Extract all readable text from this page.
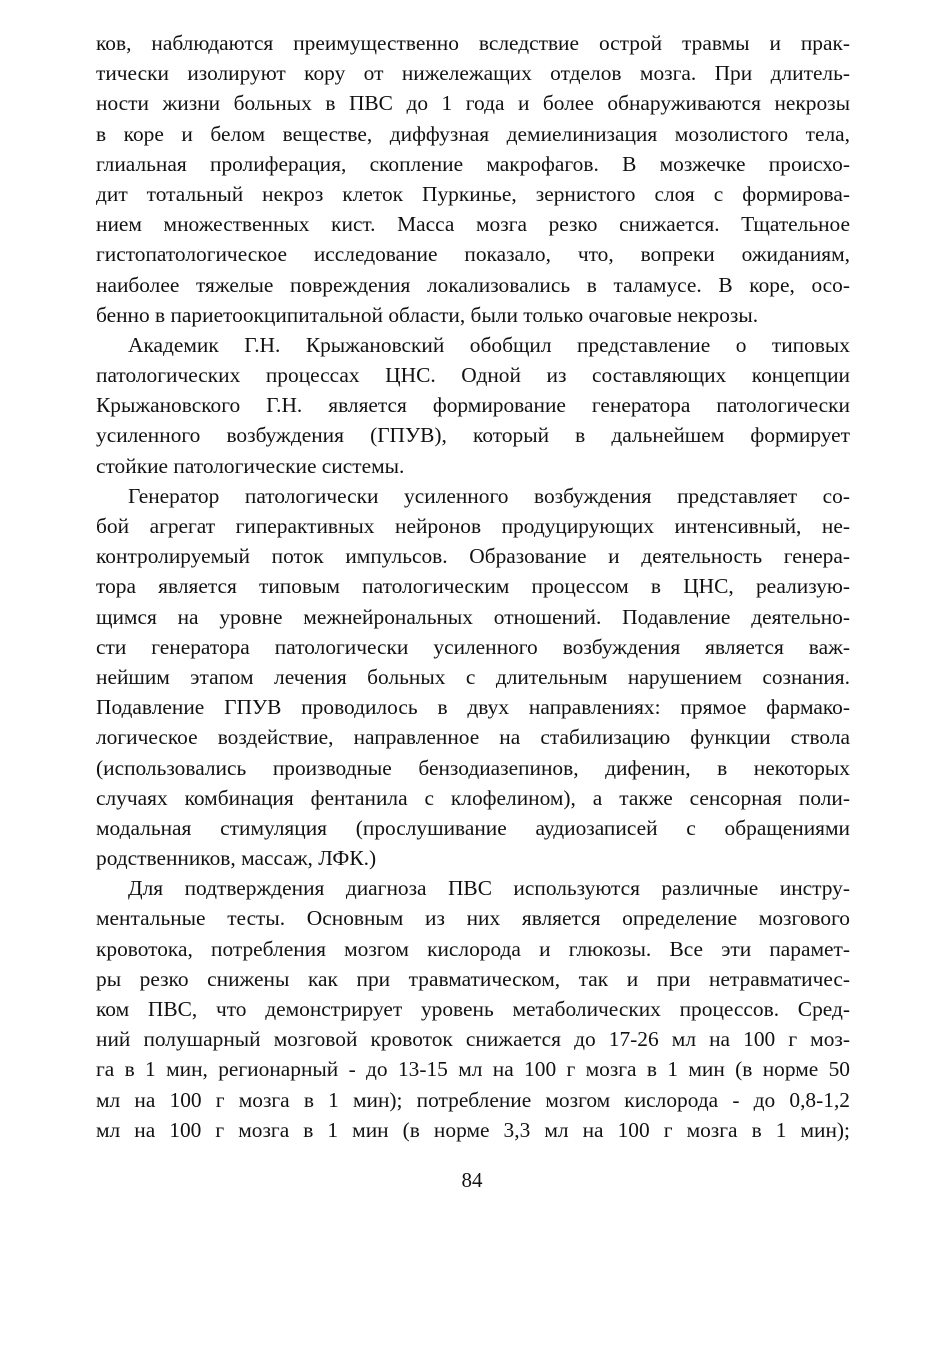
ков, наблюдаются преимущественно вследствие острой травмы и прак-
тически изолируют кору от нижележащих отделов мозга. При длитель-
ности жизни больных в ПВС до 1 года и более обнаруживаются некрозы
в коре и белом веществе, диффузная демиелинизация мозолистого тела,
глиальная пролиферация, скопление макрофагов. В мозжечке происхо-
дит тотальный некроз клеток Пуркинье, зернистого слоя с формирова-
нием множественных кист. Масса мозга резко снижается. Тщательное
гистопатологическое исследование показало, что, вопреки ожиданиям,
наиболее тяжелые повреждения локализовались в таламусе. В коре, осо-
бенно в париетоокципитальной области, были только очаговые некрозы.
Академик Г.Н. Крыжановский обобщил представление о типовых
патологических процессах ЦНС. Одной из составляющих концепции
Крыжановского Г.Н. является формирование генератора патологически
усиленного возбуждения (ГПУВ), который в дальнейшем формирует
стойкие патологические системы.
Генератор патологически усиленного возбуждения представляет со-
бой агрегат гиперактивных нейронов продуцирующих интенсивный, не-
контролируемый поток импульсов. Образование и деятельность генера-
тора является типовым патологическим процессом в ЦНС, реализую-
щимся на уровне межнейрональных отношений. Подавление деятельно-
сти генератора патологически усиленного возбуждения является важ-
нейшим этапом лечения больных с длительным нарушением сознания.
Подавление ГПУВ проводилось в двух направлениях: прямое фармако-
логическое воздействие, направленное на стабилизацию функции ствола
(использовались производные бензодиазепинов, дифенин, в некоторых
случаях комбинация фентанила с клофелином), а также сенсорная поли-
модальная стимуляция (прослушивание аудиозаписей с обращениями
родственников, массаж, ЛФК.)
Для подтверждения диагноза ПВС используются различные инстру-
ментальные тесты. Основным из них является определение мозгового
кровотока, потребления мозгом кислорода и глюкозы. Все эти парамет-
ры резко снижены как при травматическом, так и при нетравматичес-
ком ПВС, что демонстрирует уровень метаболических процессов. Сред-
ний полушарный мозговой кровоток снижается до 17-26 мл на 100 г моз-
га в 1 мин, регионарный - до 13-15 мл на 100 г мозга в 1 мин (в норме 50
мл на 100 г мозга в 1 мин); потребление мозгом кислорода - до 0,8-1,2
мл на 100 г мозга в 1 мин (в норме 3,3 мл на 100 г мозга в 1 мин);
84
